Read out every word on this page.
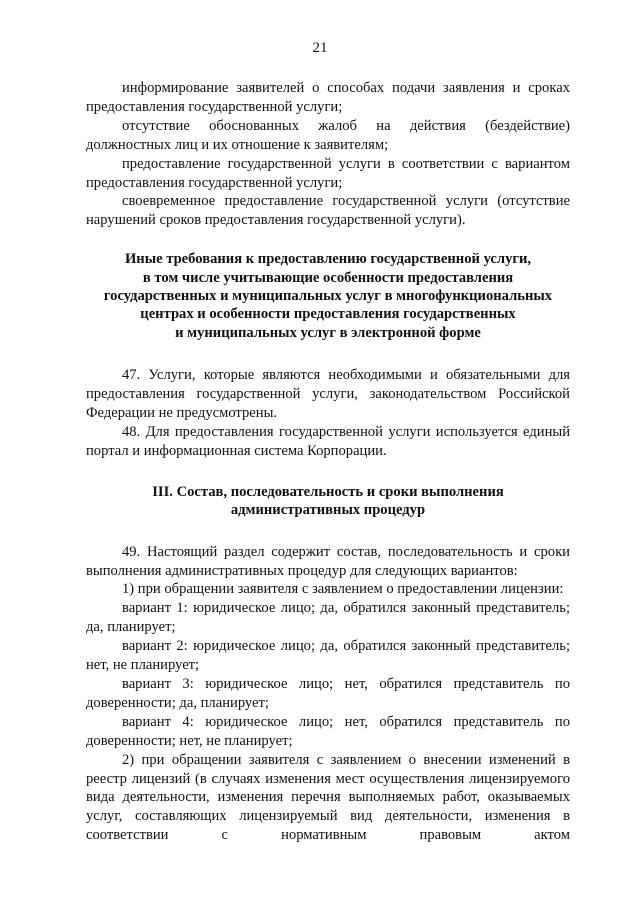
21

информирование заявителей о способах подачи заявления и сроках предоставления государственной услуги;

отсутствие обоснованных жалоб на действия (бездействие) должностных лиц и их отношение к заявителям;

предоставление государственной услуги в соответствии с вариантом предоставления государственной услуги;

своевременное предоставление государственной услуги (отсутствие нарушений сроков предоставления государственной услуги).

Иные требования к предоставлению государственной услуги,

в том числе учитывающие особенности предоставления

государственных и муниципальных услуг в многофункциональных

центрах и особенности предоставления государственных

и муниципальных услуг в электронной форме

47. Услуги, которые являются необходимыми и обязательными для предоставления государственной услуги, законодательством Российской Федерации не предусмотрены.

48. Для предоставления государственной услуги используется единый портал и информационная система Корпорации.

III. Состав, последовательность и сроки выполнения

административных процедур

49. Настоящий раздел содержит состав, последовательность и сроки выполнения административных процедур для следующих вариантов:

1) при обращении заявителя с заявлением о предоставлении лицензии:

вариант 1: юридическое лицо; да, обратился законный представитель; да, планирует;

вариант 2: юридическое лицо; да, обратился законный представитель; нет, не планирует;

вариант 3: юридическое лицо; нет, обратился представитель по доверенности; да, планирует;

вариант 4: юридическое лицо; нет, обратился представитель по доверенности; нет, не планирует;

2) при обращении заявителя с заявлением о внесении изменений в реестр лицензий (в случаях изменения мест осуществления лицензируемого вида деятельности, изменения перечня выполняемых работ, оказываемых услуг, составляющих лицензируемый вид деятельности, изменения в соответствии с нормативным правовым актом
